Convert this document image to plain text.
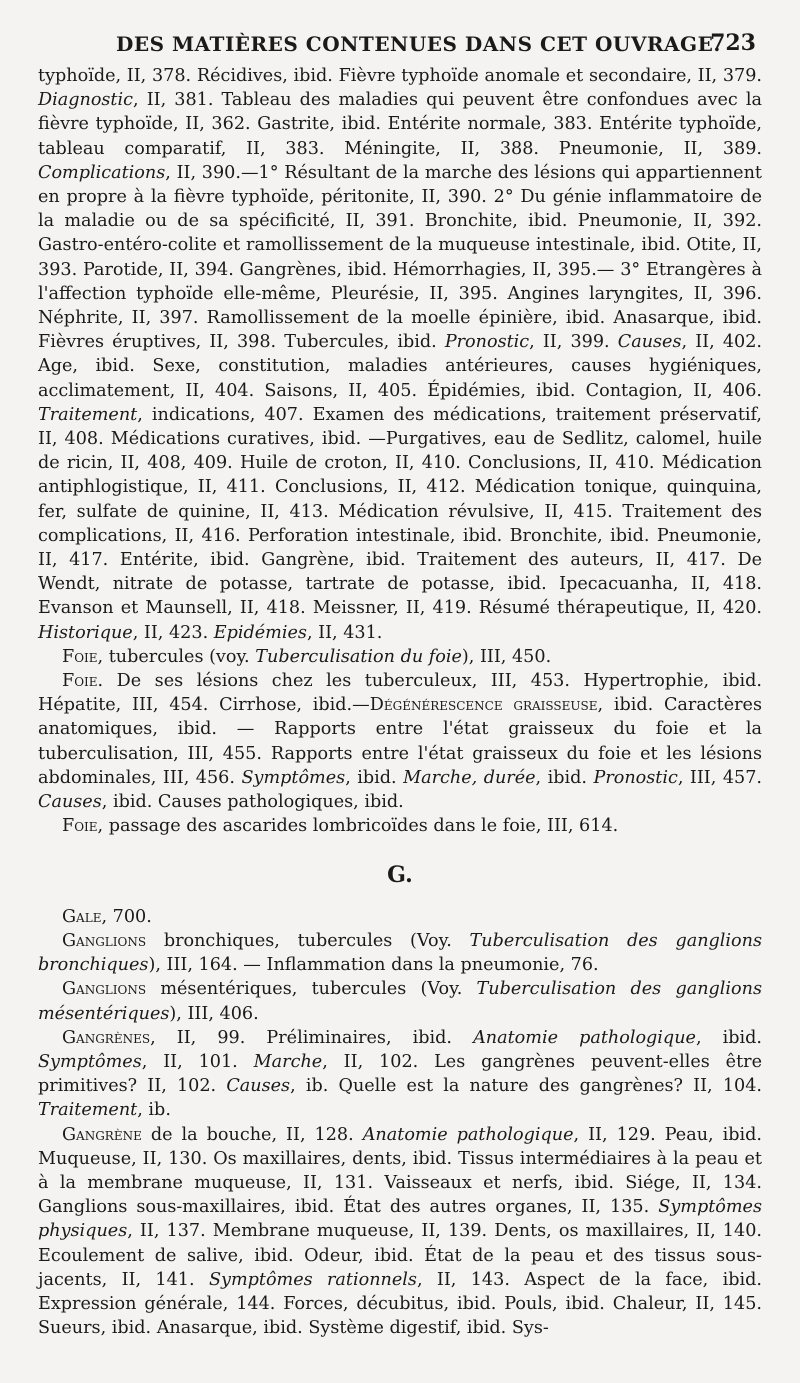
DES MATIÈRES CONTENUES DANS CET OUVRAGE.
723

typhoïde, II, 378. Récidives, ibid. Fièvre typhoïde anomale et secondaire, II, 379. Diagnostic, II, 381. Tableau des maladies qui peuvent être confondues avec la fièvre typhoïde, II, 362. Gastrite, ibid. Entérite normale, 383. Entérite typhoïde, tableau comparatif, II, 383. Méningite, II, 388. Pneumonie, II, 389. Complications, II, 390.—1° Résultant de la marche des lésions qui appartiennent en propre à la fièvre typhoïde, péritonite, II, 390. 2° Du génie inflammatoire de la maladie ou de sa spécificité, II, 391. Bronchite, ibid. Pneumonie, II, 392. Gastro-entéro-colite et ramollissement de la muqueuse intestinale, ibid. Otite, II, 393. Parotide, II, 394. Gangrènes, ibid. Hémorrhagies, II, 395.— 3° Etrangères à l'affection typhoïde elle-même, Pleurésie, II, 395. Angines laryngites, II, 396. Néphrite, II, 397. Ramollissement de la moelle épinière, ibid. Anasarque, ibid. Fièvres éruptives, II, 398. Tubercules, ibid. Pronostic, II, 399. Causes, II, 402. Age, ibid. Sexe, constitution, maladies antérieures, causes hygiéniques, acclimatement, II, 404. Saisons, II, 405. Épidémies, ibid. Contagion, II, 406. Traitement, indications, 407. Examen des médications, traitement préservatif, II, 408. Médications curatives, ibid. —Purgatives, eau de Sedlitz, calomel, huile de ricin, II, 408, 409. Huile de croton, II, 410. Conclusions, II, 410. Médication antiphlogistique, II, 411. Conclusions, II, 412. Médication tonique, quinquina, fer, sulfate de quinine, II, 413. Médication révulsive, II, 415. Traitement des complications, II, 416. Perforation intestinale, ibid. Bronchite, ibid. Pneumonie, II, 417. Entérite, ibid. Gangrène, ibid. Traitement des auteurs, II, 417. De Wendt, nitrate de potasse, tartrate de potasse, ibid. Ipecacuanha, II, 418. Evanson et Maunsell, II, 418. Meissner, II, 419. Résumé thérapeutique, II, 420. Historique, II, 423. Epidémies, II, 431.

Foie, tubercules (voy. Tuberculisation du foie), III, 450.

Foie. De ses lésions chez les tuberculeux, III, 453. Hypertrophie, ibid. Hépatite, III, 454. Cirrhose, ibid.—Dégénérescence graisseuse, ibid. Caractères anatomiques, ibid. — Rapports entre l'état graisseux du foie et la tuberculisation, III, 455. Rapports entre l'état graisseux du foie et les lésions abdominales, III, 456. Symptômes, ibid. Marche, durée, ibid. Pronostic, III, 457. Causes, ibid. Causes pathologiques, ibid.

Foie, passage des ascarides lombricoïdes dans le foie, III, 614.

G.

Gale, 700.

Ganglions bronchiques, tubercules (Voy. Tuberculisation des ganglions bronchiques), III, 164. — Inflammation dans la pneumonie, 76.

Ganglions mésentériques, tubercules (Voy. Tuberculisation des ganglions mésentériques), III, 406.

Gangrènes, II, 99. Préliminaires, ibid. Anatomie pathologique, ibid. Symptômes, II, 101. Marche, II, 102. Les gangrènes peuvent-elles être primitives? II, 102. Causes, ib. Quelle est la nature des gangrènes? II, 104. Traitement, ib.

Gangrène de la bouche, II, 128. Anatomie pathologique, II, 129. Peau, ibid. Muqueuse, II, 130. Os maxillaires, dents, ibid. Tissus intermédiaires à la peau et à la membrane muqueuse, II, 131. Vaisseaux et nerfs, ibid. Siége, II, 134. Ganglions sous-maxillaires, ibid. État des autres organes, II, 135. Symptômes physiques, II, 137. Membrane muqueuse, II, 139. Dents, os maxillaires, II, 140. Ecoulement de salive, ibid. Odeur, ibid. État de la peau et des tissus sous-jacents, II, 141. Symptômes rationnels, II, 143. Aspect de la face, ibid. Expression générale, 144. Forces, décubitus, ibid. Pouls, ibid. Chaleur, II, 145. Sueurs, ibid. Anasarque, ibid. Système digestif, ibid. Sys-
